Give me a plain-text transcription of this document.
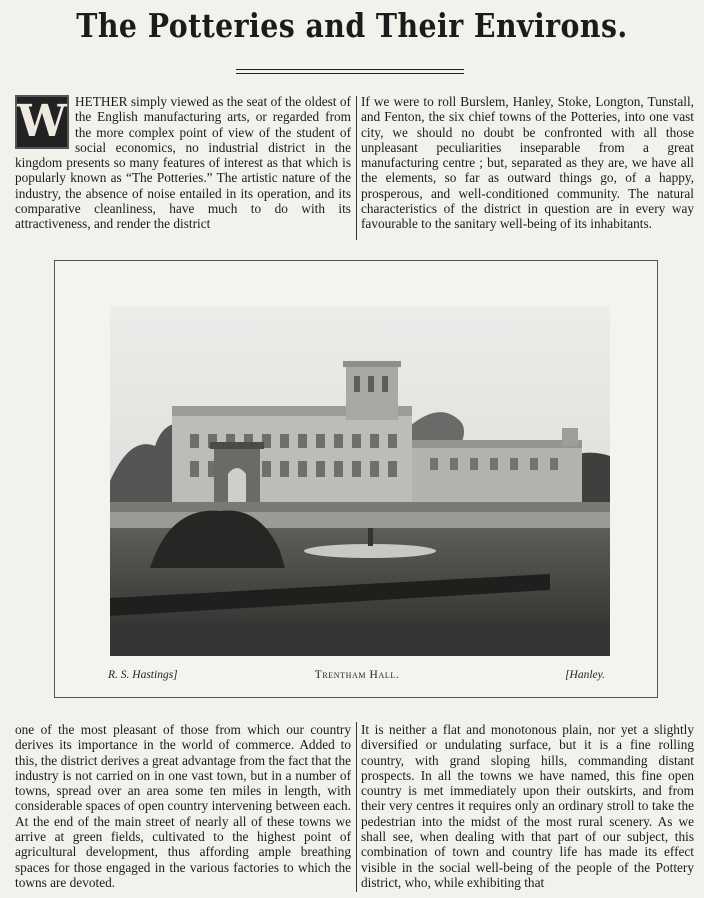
The Potteries and Their Environs.
W HETHER simply viewed as the seat of the oldest of the English manufacturing arts, or regarded from the more complex point of view of the student of social economics, no industrial district in the kingdom presents so many features of interest as that which is popularly known as “The Potteries.” The artistic nature of the industry, the absence of noise entailed in its operation, and its comparative cleanliness, have much to do with its attractiveness, and render the district

If we were to roll Burslem, Hanley, Stoke, Longton, Tunstall, and Fenton, the six chief towns of the Potteries, into one vast city, we should no doubt be confronted with all those unpleasant peculiarities inseparable from a great manufacturing centre ; but, separated as they are, we have all the elements, so far as outward things go, of a happy, prosperous, and well-conditioned community. The natural characteristics of the district in question are in every way favourable to the sanitary well-being of its inhabitants.

R. S. Hastings]	Trentham Hall.	[Hanley.

one of the most pleasant of those from which our country derives its importance in the world of commerce. Added to this, the district derives a great advantage from the fact that the industry is not carried on in one vast town, but in a number of towns, spread over an area some ten miles in length, with considerable spaces of open country intervening between each. At the end of the main street of nearly all of these towns we arrive at green fields, cultivated to the highest point of agricultural development, thus affording ample breathing spaces for those engaged in the various factories to which the towns are devoted.

It is neither a flat and monotonous plain, nor yet a slightly diversified or undulating surface, but it is a fine rolling country, with grand sloping hills, commanding distant prospects. In all the towns we have named, this fine open country is met immediately upon their outskirts, and from their very centres it requires only an ordinary stroll to take the pedestrian into the midst of the most rural scenery. As we shall see, when dealing with that part of our subject, this combination of town and country life has made its effect visible in the social well-being of the people of the Pottery district, who, while exhibiting that
